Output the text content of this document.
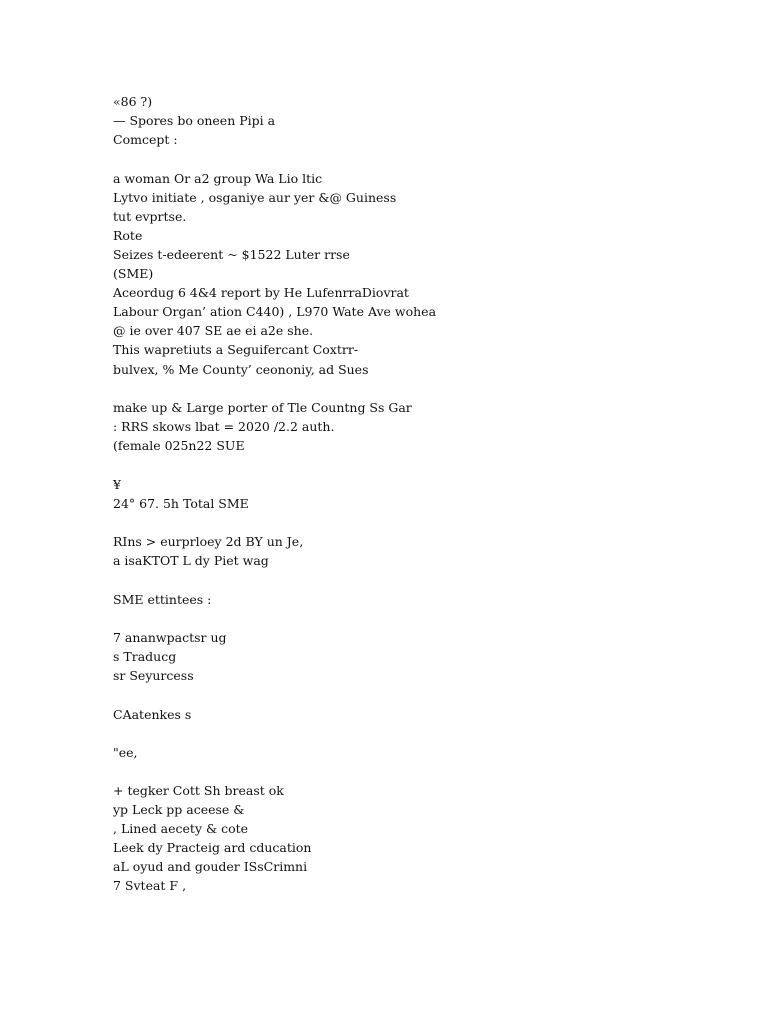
«86 ?)
— Spores bo oneen Pipi a
Comcept :
a woman Or a2 group Wa Lio ltic
Lytvo initiate , osganiye aur yer &@ Guiness
tut evprtse.
Rote
Seizes t-edeerent ~ $1522 Luter rrse
(SME)
Aceordug 6 4&4 report by He LufenrraDiovrat
Labour Organ’ ation C440) , L970 Wate Ave wohea
@ ie over 407 SE ae ei a2e she.
This wapretiuts a Seguifercant Coxtrr-
bulvex, % Me County’ ceononiy, ad Sues
make up & Large porter of Tle Countng Ss Gar
: RRS skows lbat = 2020 /2.2 auth.
(female 025n22 SUE
¥
24° 67. 5h Total SME
RIns > eurprloey 2d BY un Je,
a isaKTOT L dy Piet wag
SME ettintees :
7 ananwpactsr ug
s Traducg
sr Seyurcess
CAatenkes s
"ee,
+ tegker Cott Sh breast ok
yp Leck pp aceese &
, Lined aecety & cote
Leek dy Practeig ard cducation
aL oyud and gouder ISsCrimni
7 Svteat F ,
